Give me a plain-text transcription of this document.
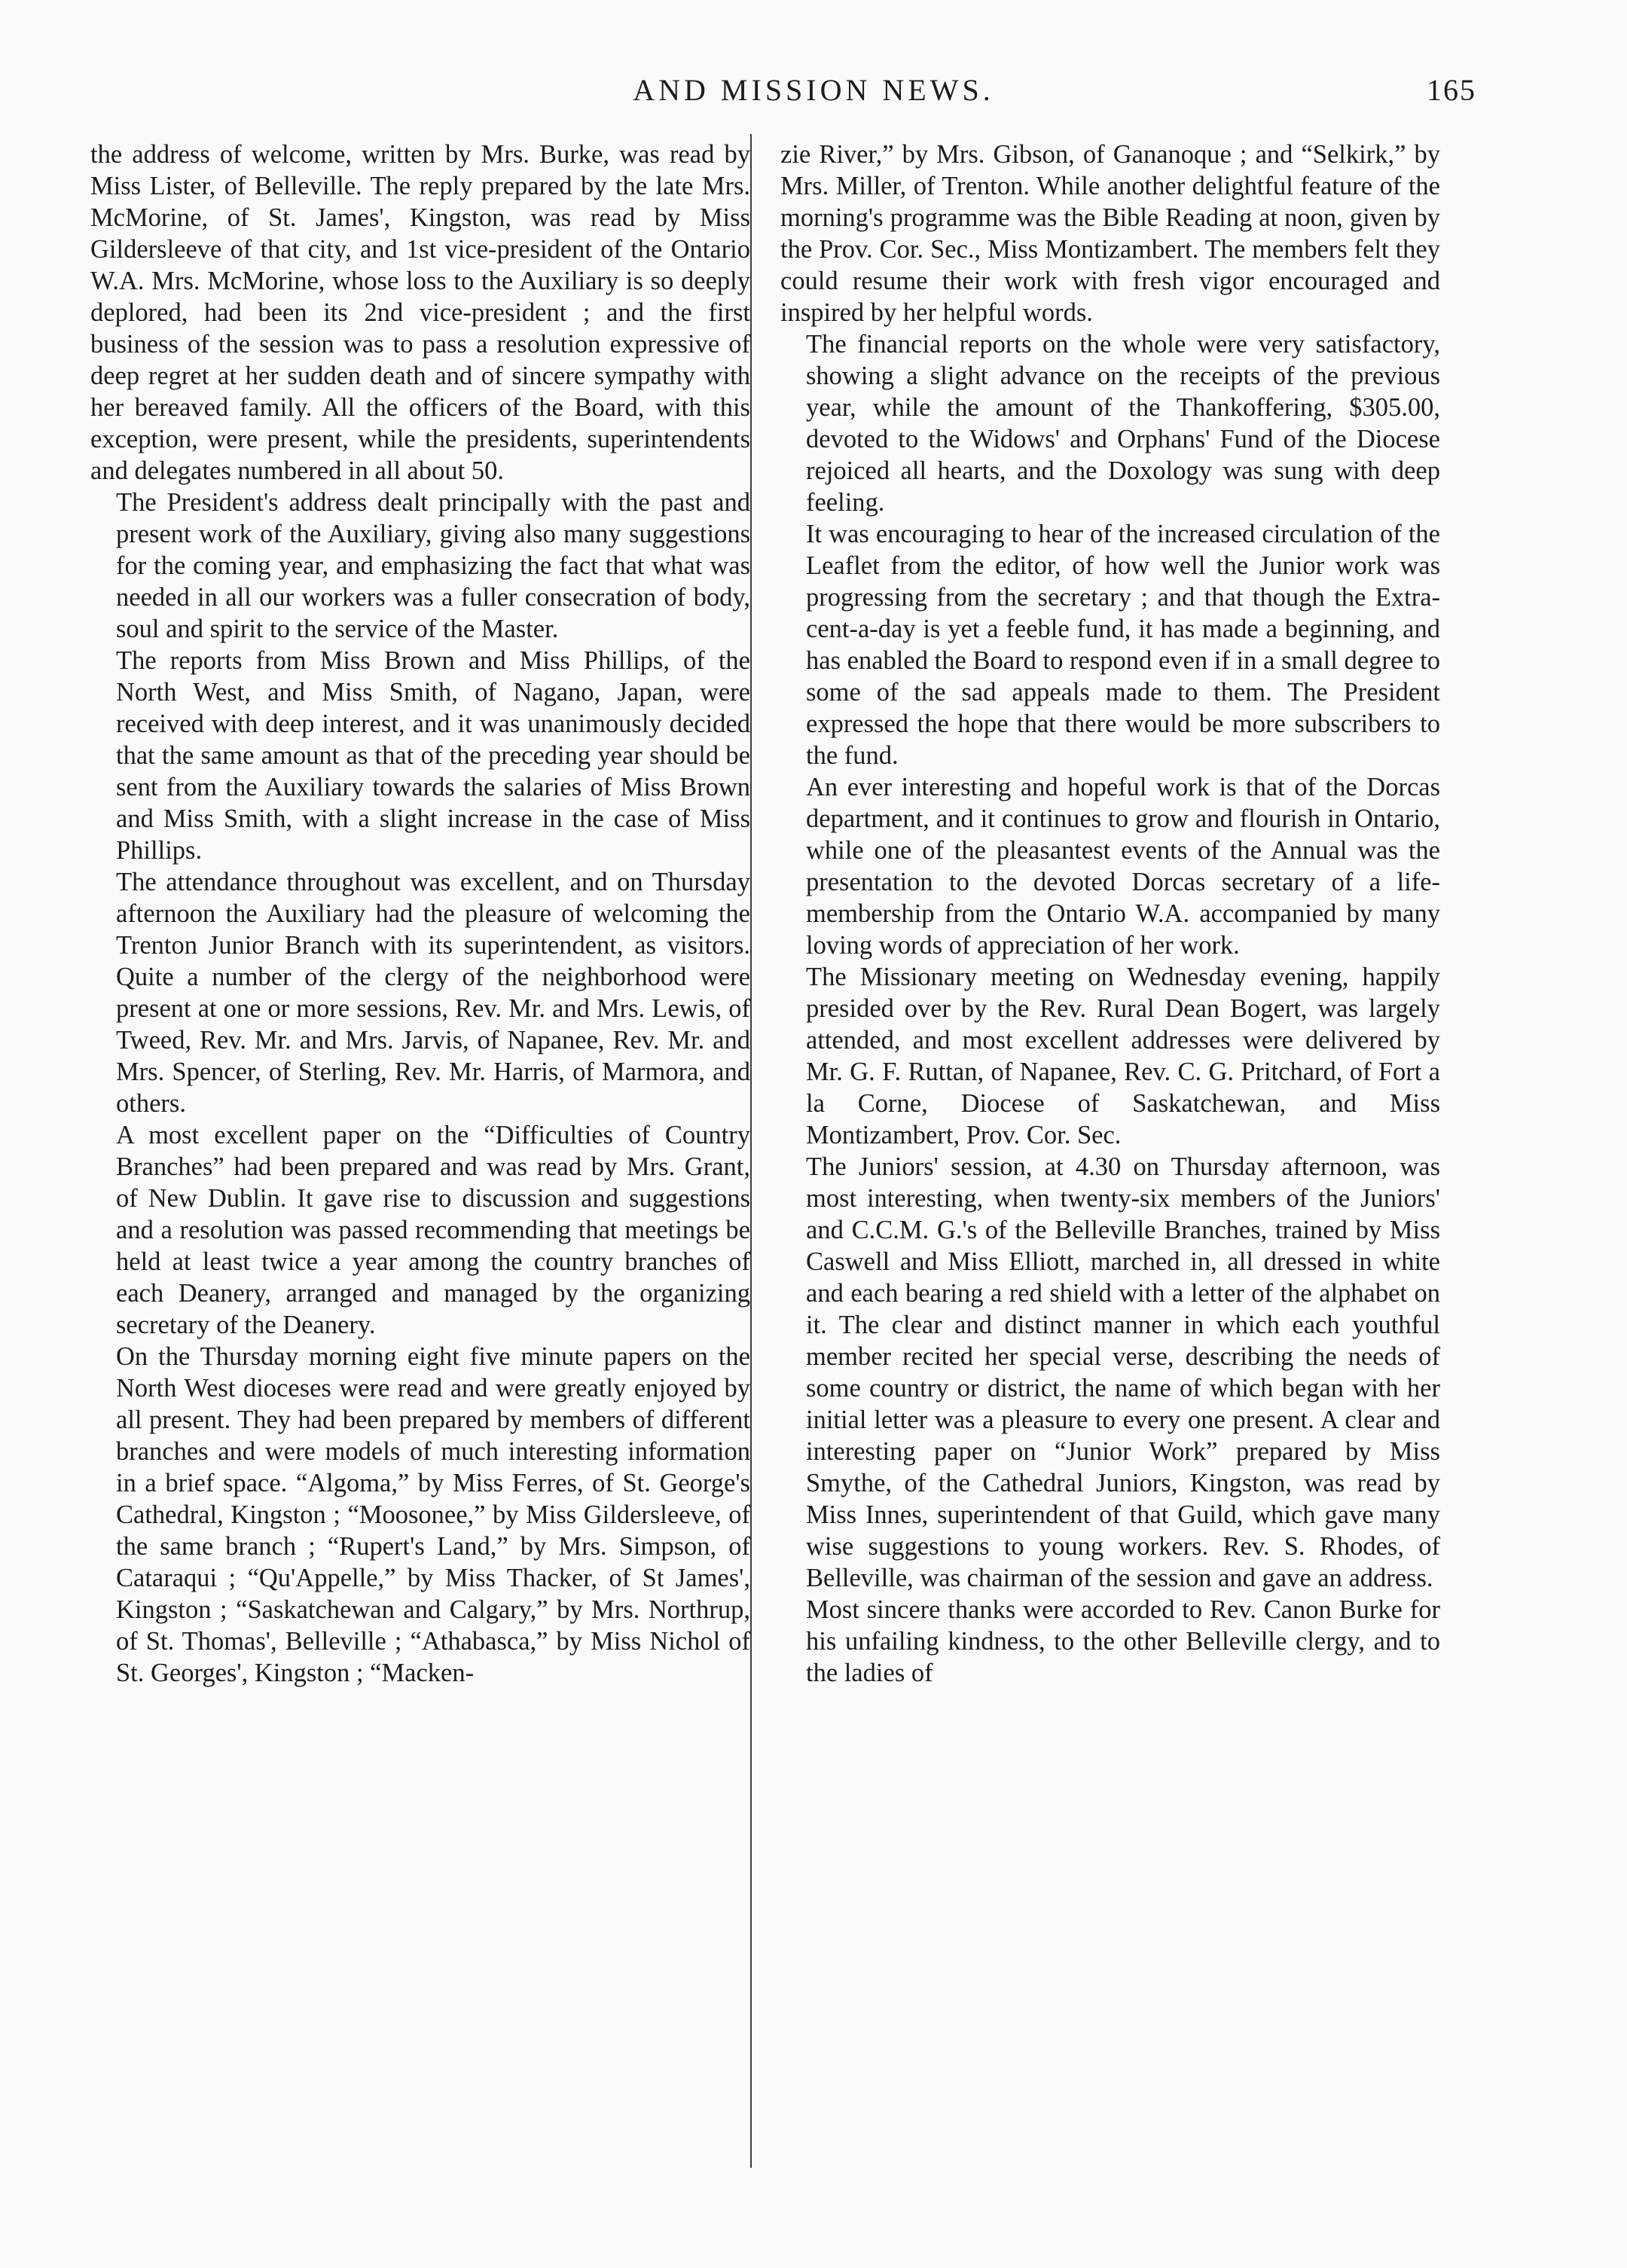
AND MISSION NEWS.	165

the address of welcome, written by Mrs. Burke, was read by Miss Lister, of Belleville. The reply prepared by the late Mrs. McMorine, of St. James', Kingston, was read by Miss Gildersleeve of that city, and 1st vice-president of the Ontario W.A. Mrs. McMorine, whose loss to the Auxiliary is so deeply deplored, had been its 2nd vice-president ; and the first business of the session was to pass a resolution expressive of deep regret at her sudden death and of sincere sympathy with her bereaved family. All the officers of the Board, with this exception, were present, while the presidents, superintendents and delegates numbered in all about 50.

The President's address dealt principally with the past and present work of the Auxiliary, giving also many suggestions for the coming year, and emphasizing the fact that what was needed in all our workers was a fuller consecration of body, soul and spirit to the service of the Master.

The reports from Miss Brown and Miss Phillips, of the North West, and Miss Smith, of Nagano, Japan, were received with deep interest, and it was unanimously decided that the same amount as that of the preceding year should be sent from the Auxiliary towards the salaries of Miss Brown and Miss Smith, with a slight increase in the case of Miss Phillips.

The attendance throughout was excellent, and on Thursday afternoon the Auxiliary had the pleasure of welcoming the Trenton Junior Branch with its superintendent, as visitors. Quite a number of the clergy of the neighborhood were present at one or more sessions, Rev. Mr. and Mrs. Lewis, of Tweed, Rev. Mr. and Mrs. Jarvis, of Napanee, Rev. Mr. and Mrs. Spencer, of Sterling, Rev. Mr. Harris, of Marmora, and others.

A most excellent paper on the “Difficulties of Country Branches” had been prepared and was read by Mrs. Grant, of New Dublin. It gave rise to discussion and suggestions and a resolution was passed recommending that meetings be held at least twice a year among the country branches of each Deanery, arranged and managed by the organizing secretary of the Deanery.

On the Thursday morning eight five minute papers on the North West dioceses were read and were greatly enjoyed by all present. They had been prepared by members of different branches and were models of much interesting information in a brief space. “Algoma,” by Miss Ferres, of St. George's Cathedral, Kingston ; “Moosonee,” by Miss Gildersleeve, of the same branch ; “Rupert's Land,” by Mrs. Simpson, of Cataraqui ; “Qu'Appelle,” by Miss Thacker, of St James', Kingston ; “Saskatchewan and Calgary,” by Mrs. Northrup, of St. Thomas', Belleville ; “Athabasca,” by Miss Nichol of St. Georges', Kingston ; “Macken-

zie River,” by Mrs. Gibson, of Gananoque ; and “Selkirk,” by Mrs. Miller, of Trenton. While another delightful feature of the morning's programme was the Bible Reading at noon, given by the Prov. Cor. Sec., Miss Montizambert. The members felt they could resume their work with fresh vigor encouraged and inspired by her helpful words.

The financial reports on the whole were very satisfactory, showing a slight advance on the receipts of the previous year, while the amount of the Thankoffering, $305.00, devoted to the Widows' and Orphans' Fund of the Diocese rejoiced all hearts, and the Doxology was sung with deep feeling.

It was encouraging to hear of the increased circulation of the Leaflet from the editor, of how well the Junior work was progressing from the secretary ; and that though the Extra-cent-a-day is yet a feeble fund, it has made a beginning, and has enabled the Board to respond even if in a small degree to some of the sad appeals made to them. The President expressed the hope that there would be more subscribers to the fund.

An ever interesting and hopeful work is that of the Dorcas department, and it continues to grow and flourish in Ontario, while one of the pleasantest events of the Annual was the presentation to the devoted Dorcas secretary of a life-membership from the Ontario W.A. accompanied by many loving words of appreciation of her work.

The Missionary meeting on Wednesday evening, happily presided over by the Rev. Rural Dean Bogert, was largely attended, and most excellent addresses were delivered by Mr. G. F. Ruttan, of Napanee, Rev. C. G. Pritchard, of Fort a la Corne, Diocese of Saskatchewan, and Miss Montizambert, Prov. Cor. Sec.

The Juniors' session, at 4.30 on Thursday afternoon, was most interesting, when twenty-six members of the Juniors' and C.C.M. G.'s of the Belleville Branches, trained by Miss Caswell and Miss Elliott, marched in, all dressed in white and each bearing a red shield with a letter of the alphabet on it. The clear and distinct manner in which each youthful member recited her special verse, describing the needs of some country or district, the name of which began with her initial letter was a pleasure to every one present. A clear and interesting paper on “Junior Work” prepared by Miss Smythe, of the Cathedral Juniors, Kingston, was read by Miss Innes, superintendent of that Guild, which gave many wise suggestions to young workers. Rev. S. Rhodes, of Belleville, was chairman of the session and gave an address.

Most sincere thanks were accorded to Rev. Canon Burke for his unfailing kindness, to the other Belleville clergy, and to the ladies of
